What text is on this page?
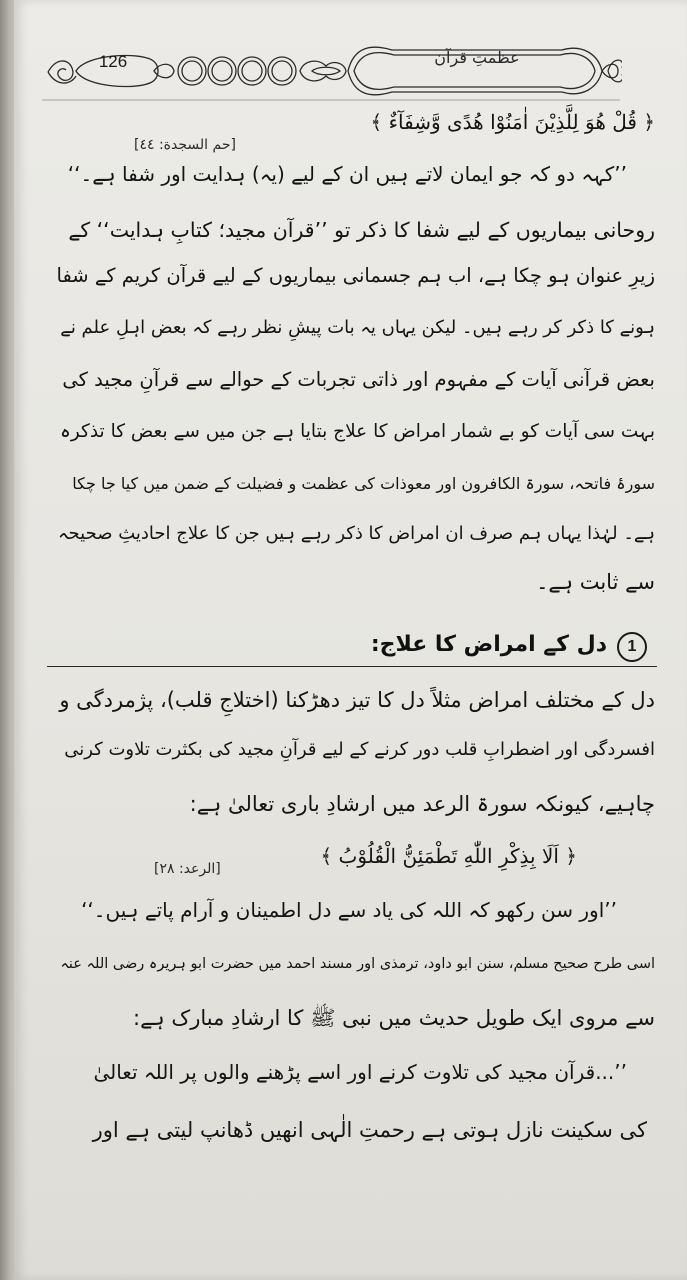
126	عظمتِ قرآن
﴿ قُلْ هُوَ لِلَّذِيْنَ اٰمَنُوْا هُدًى وَّشِفَآءٌ ﴾
[حم السجدة: ٤٤]
’’کہہ دو کہ جو ایمان لاتے ہیں ان کے لیے (یہ) ہدایت اور شفا ہے۔‘‘
روحانی بیماریوں کے لیے شفا کا ذکر تو ’’قرآن مجید؛ کتابِ ہدایت‘‘ کے
زیرِ عنوان ہو چکا ہے، اب ہم جسمانی بیماریوں کے لیے قرآن کریم کے شفا
ہونے کا ذکر کر رہے ہیں۔ لیکن یہاں یہ بات پیشِ نظر رہے کہ بعض اہلِ علم نے
بعض قرآنی آیات کے مفہوم اور ذاتی تجربات کے حوالے سے قرآنِ مجید کی
بہت سی آیات کو بے شمار امراض کا علاج بتایا ہے جن میں سے بعض کا تذکرہ
سورۂ فاتحہ، سورۃ الکافرون اور معوذات کی عظمت و فضیلت کے ضمن میں کیا جا چکا
ہے۔ لہٰذا یہاں ہم صرف ان امراض کا ذکر رہے ہیں جن کا علاج احادیثِ صحیحہ
سے ثابت ہے۔
1
دل کے امراض کا علاج:
دل کے مختلف امراض مثلاً دل کا تیز دھڑکنا (اختلاجِ قلب)، پژمردگی و
افسردگی اور اضطرابِ قلب دور کرنے کے لیے قرآنِ مجید کی بکثرت تلاوت کرنی
چاہیے، کیونکہ سورۃ الرعد میں ارشادِ باری تعالیٰ ہے:
﴿ اَلَا بِذِكْرِ اللّٰهِ تَطْمَئِنُّ الْقُلُوْبُ ﴾
[الرعد: ٢٨]
’’اور سن رکھو کہ اللہ کی یاد سے دل اطمینان و آرام پاتے ہیں۔‘‘
اسی طرح صحیح مسلم، سنن ابو داود، ترمذی اور مسند احمد میں حضرت ابو ہریرہ رضی اللہ عنہ
سے مروی ایک طویل حدیث میں نبی ﷺ کا ارشادِ مبارک ہے:
’’...قرآن مجید کی تلاوت کرنے اور اسے پڑھنے والوں پر اللہ تعالیٰ
کی سکینت نازل ہوتی ہے رحمتِ الٰہی انھیں ڈھانپ لیتی ہے اور
